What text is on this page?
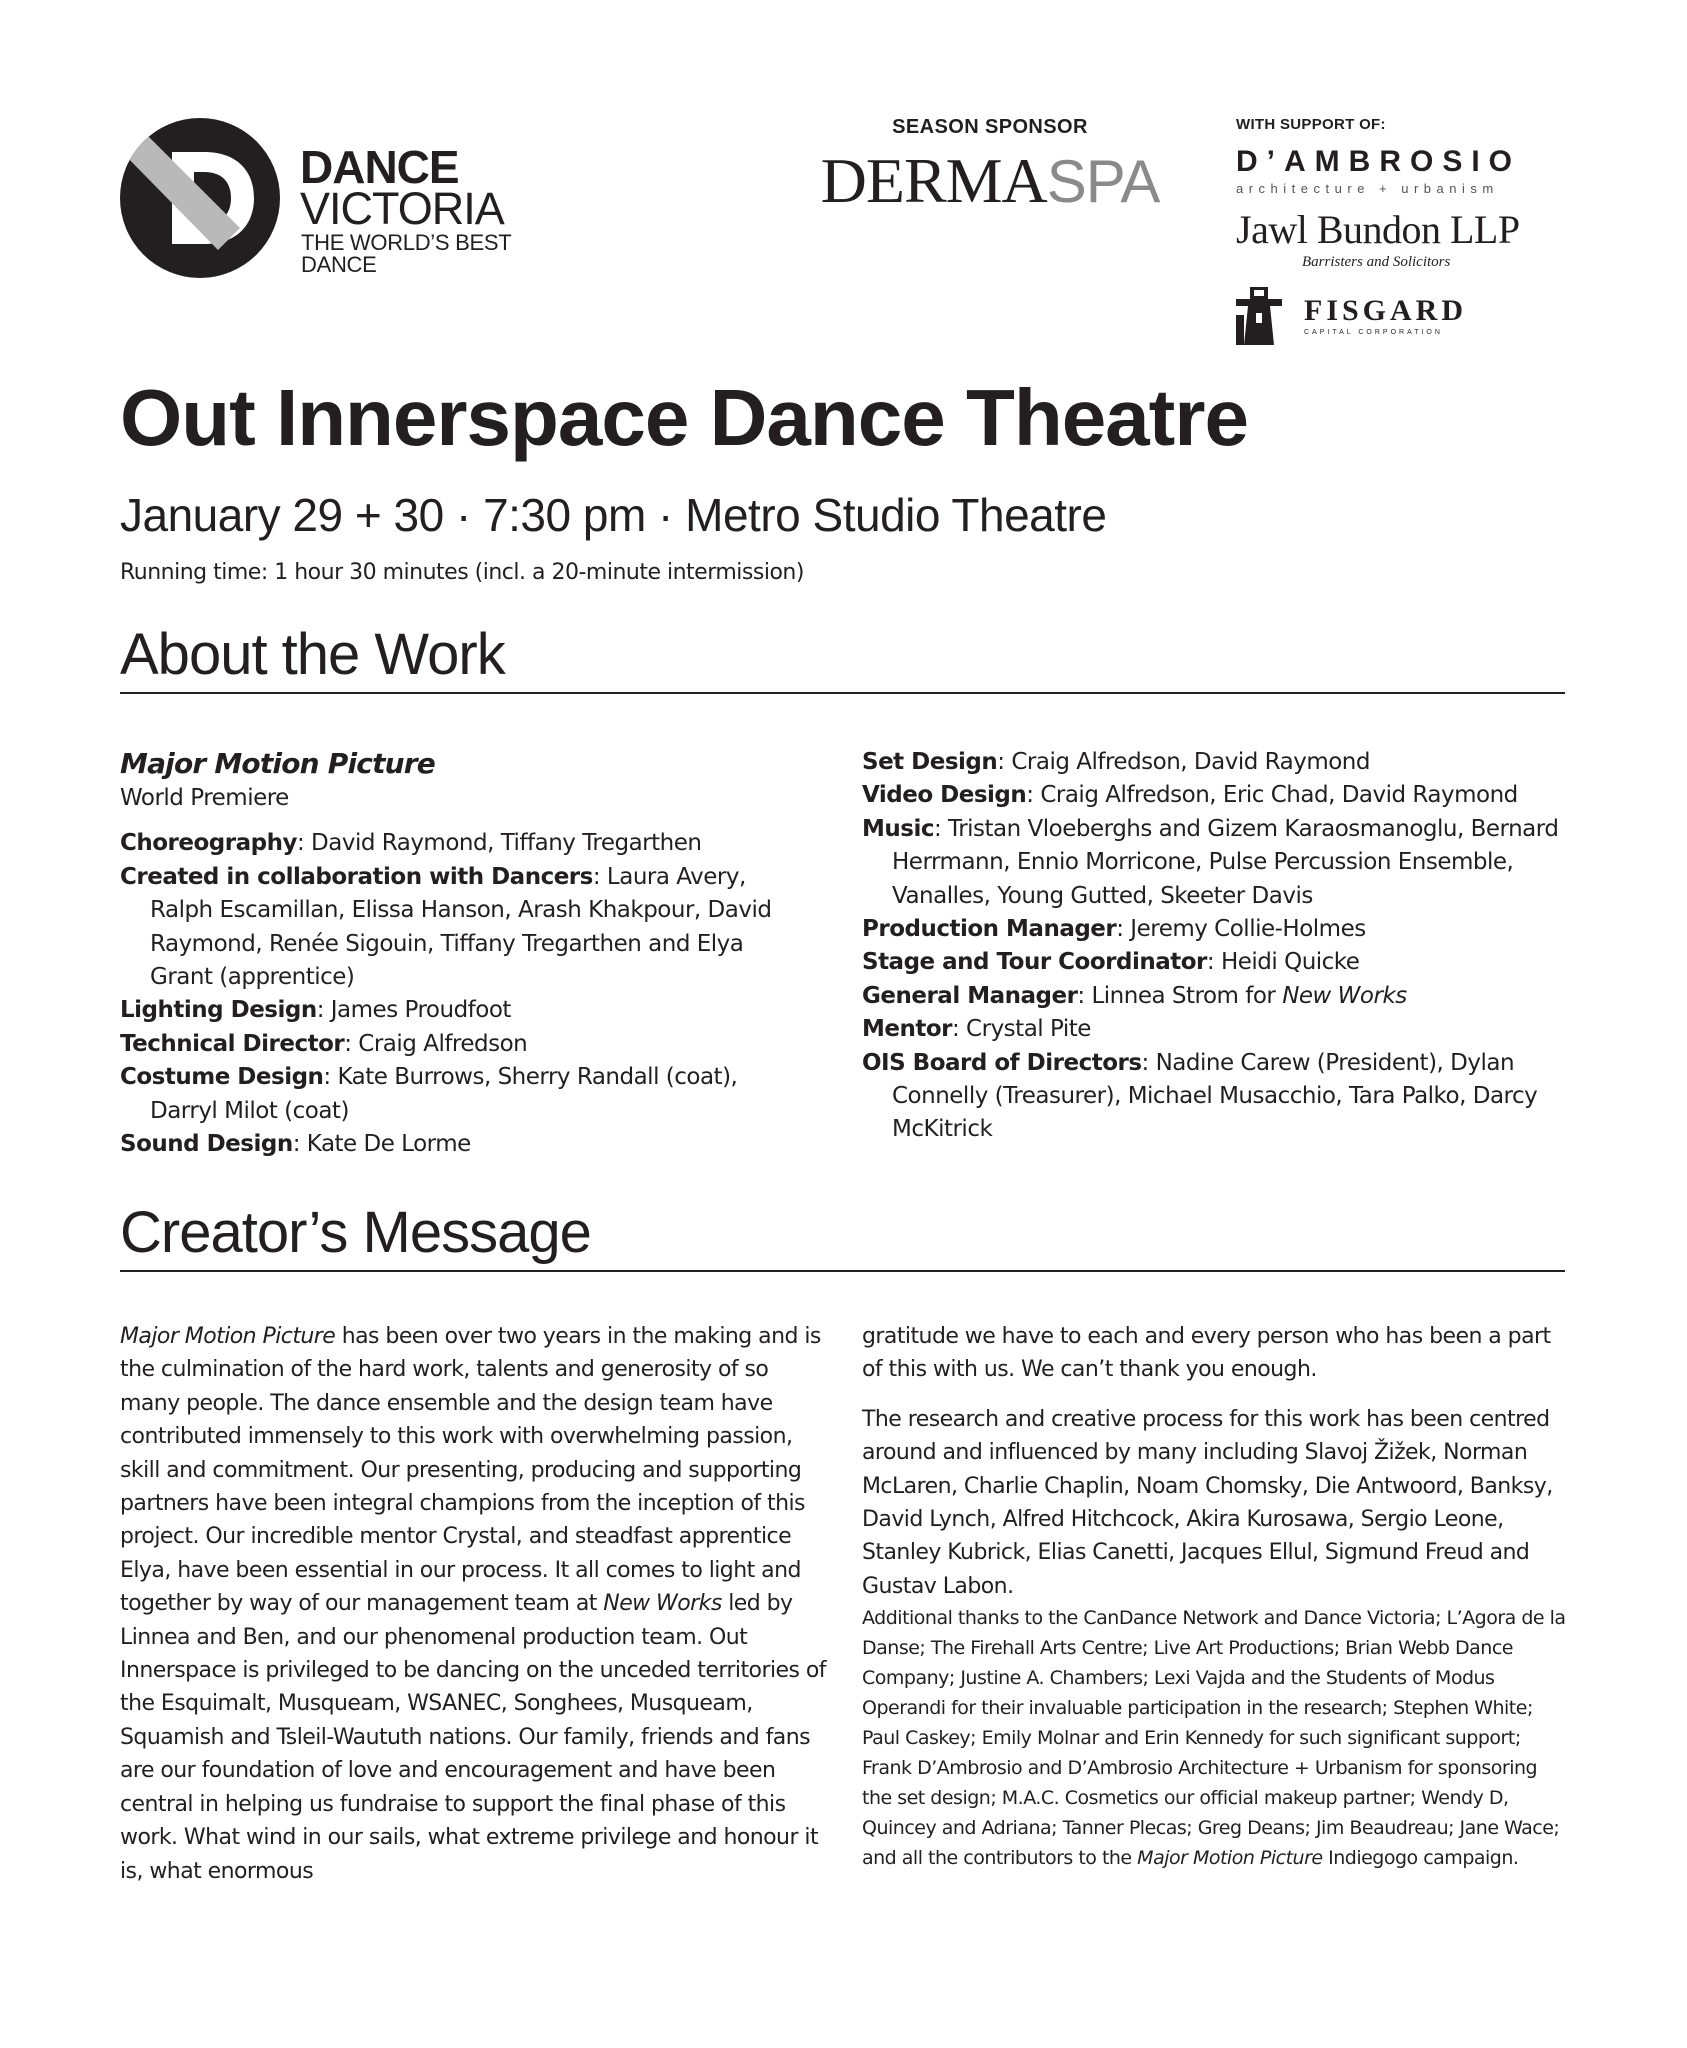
DANCE
VICTORIA
THE WORLD’S BEST DANCE
SEASON SPONSOR
DERMASPA
WITH SUPPORT OF:
D’AMBROSIO
architecture + urbanism
Jawl Bundon LLP
Barristers and Solicitors
FISGARD
CAPITAL CORPORATION
Out Innerspace Dance Theatre
January 29 + 30 · 7:30 pm · Metro Studio Theatre
Running time: 1 hour 30 minutes (incl. a 20-minute intermission)
About the Work
Major Motion Picture
World Premiere
Choreography: David Raymond, Tiffany Tregarthen
Created in collaboration with Dancers: Laura Avery, Ralph Escamillan, Elissa Hanson, Arash Khakpour, David Raymond, Renée Sigouin, Tiffany Tregarthen and Elya Grant (apprentice)
Lighting Design: James Proudfoot
Technical Director: Craig Alfredson
Costume Design: Kate Burrows, Sherry Randall (coat), Darryl Milot (coat)
Sound Design: Kate De Lorme
Set Design: Craig Alfredson, David Raymond
Video Design: Craig Alfredson, Eric Chad, David Raymond
Music: Tristan Vloeberghs and Gizem Karaosmanoglu, Bernard Herrmann, Ennio Morricone, Pulse Percussion Ensemble, Vanalles, Young Gutted, Skeeter Davis
Production Manager: Jeremy Collie-Holmes
Stage and Tour Coordinator: Heidi Quicke
General Manager: Linnea Strom for New Works
Mentor: Crystal Pite
OIS Board of Directors: Nadine Carew (President), Dylan Connelly (Treasurer), Michael Musacchio, Tara Palko, Darcy McKitrick
Creator’s Message

Major Motion Picture has been over two years in the making and is the culmination of the hard work, talents and generosity of so many people. The dance ensemble and the design team have contributed immensely to this work with overwhelming passion, skill and commitment. Our presenting, producing and supporting partners have been integral champions from the inception of this project. Our incredible mentor Crystal, and steadfast apprentice Elya, have been essential in our process. It all comes to light and together by way of our management team at New Works led by Linnea and Ben, and our phenomenal production team. Out Innerspace is privileged to be dancing on the unceded territories of the Esquimalt, Musqueam, WSANEC, Songhees, Musqueam, Squamish and Tsleil-Waututh nations. Our family, friends and fans are our foundation of love and encouragement and have been central in helping us fundraise to support the final phase of this work. What wind in our sails, what extreme privilege and honour it is, what enormous

gratitude we have to each and every person who has been a part of this with us. We can’t thank you enough.

The research and creative process for this work has been centred around and influenced by many including Slavoj Žižek, Norman McLaren, Charlie Chaplin, Noam Chomsky, Die Antwoord, Banksy, David Lynch, Alfred Hitchcock, Akira Kurosawa, Sergio Leone, Stanley Kubrick, Elias Canetti, Jacques Ellul, Sigmund Freud and Gustav Labon.

Additional thanks to the CanDance Network and Dance Victoria; L’Agora de la Danse; The Firehall Arts Centre; Live Art Productions; Brian Webb Dance Company; Justine A. Chambers; Lexi Vajda and the Students of Modus Operandi for their invaluable participation in the research; Stephen White; Paul Caskey; Emily Molnar and Erin Kennedy for such significant support; Frank D’Ambrosio and D’Ambrosio Architecture + Urbanism for sponsoring the set design; M.A.C. Cosmetics our official makeup partner; Wendy D, Quincey and Adriana; Tanner Plecas; Greg Deans; Jim Beaudreau; Jane Wace; and all the contributors to the Major Motion Picture Indiegogo campaign.
